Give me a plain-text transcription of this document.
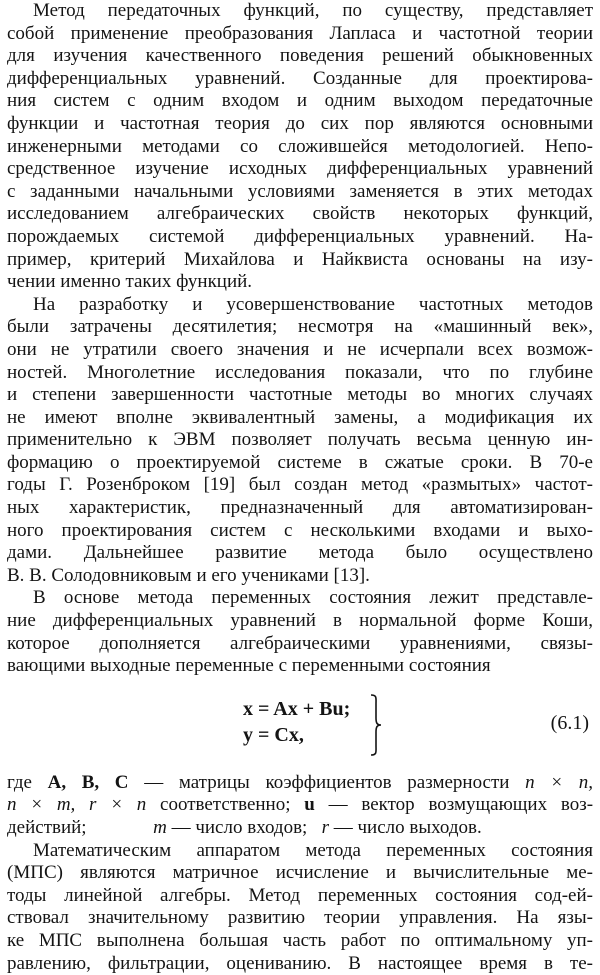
Метод передаточных функций, по существу, представляет
собой применение преобразования Лапласа и частотной теории
для изучения качественного поведения решений обыкновенных
дифференциальных уравнений. Созданные для проектирова-
ния систем с одним входом и одним выходом передаточные
функции и частотная теория до сих пор являются основными
инженерными методами со сложившейся методологией. Непо-
средственное изучение исходных дифференциальных уравнений
с заданными начальными условиями заменяется в этих методах
исследованием алгебраических свойств некоторых функций,
порождаемых системой дифференциальных уравнений. На-
пример, критерий Михайлова и Найквиста основаны на изу-
чении именно таких функций.
На разработку и усовершенствование частотных методов
были затрачены десятилетия; несмотря на «машинный век»,
они не утратили своего значения и не исчерпали всех возмож-
ностей. Многолетние исследования показали, что по глубине
и степени завершенности частотные методы во многих случаях
не имеют вполне эквивалентный замены, а модификация их
применительно к ЭВМ позволяет получать весьма ценную ин-
формацию о проектируемой системе в сжатые сроки. В 70-е
годы Г. Розенброком [19] был создан метод «размытых» частот-
ных характеристик, предназначенный для автоматизирован-
ного проектирования систем с несколькими входами и выхо-
дами. Дальнейшее развитие метода было осуществлено
В. В. Солодовниковым и его учениками [13].
В основе метода переменных состояния лежит представле-
ние дифференциальных уравнений в нормальной форме Коши,
которое дополняется алгебраическими уравнениями, связы-
вающими выходные переменные с переменными состояния
x = Ax + Bu;
y = Cx,
(6.1)
где A, B, C — матрицы коэффициентов размерности n × n,
n × m, r × n соответственно; u — вектор возмущающих воз-
действий;	m — число входов; r — число выходов.
Математическим аппаратом метода переменных состояния
(МПС) являются матричное исчисление и вычислительные ме-
тоды линейной алгебры. Метод переменных состояния сод-ей-
ствовал значительному развитию теории управления. На язы-
ке МПС выполнена большая часть работ по оптимальному уп-
равлению, фильтрации, оцениванию. В настоящее время в те-
